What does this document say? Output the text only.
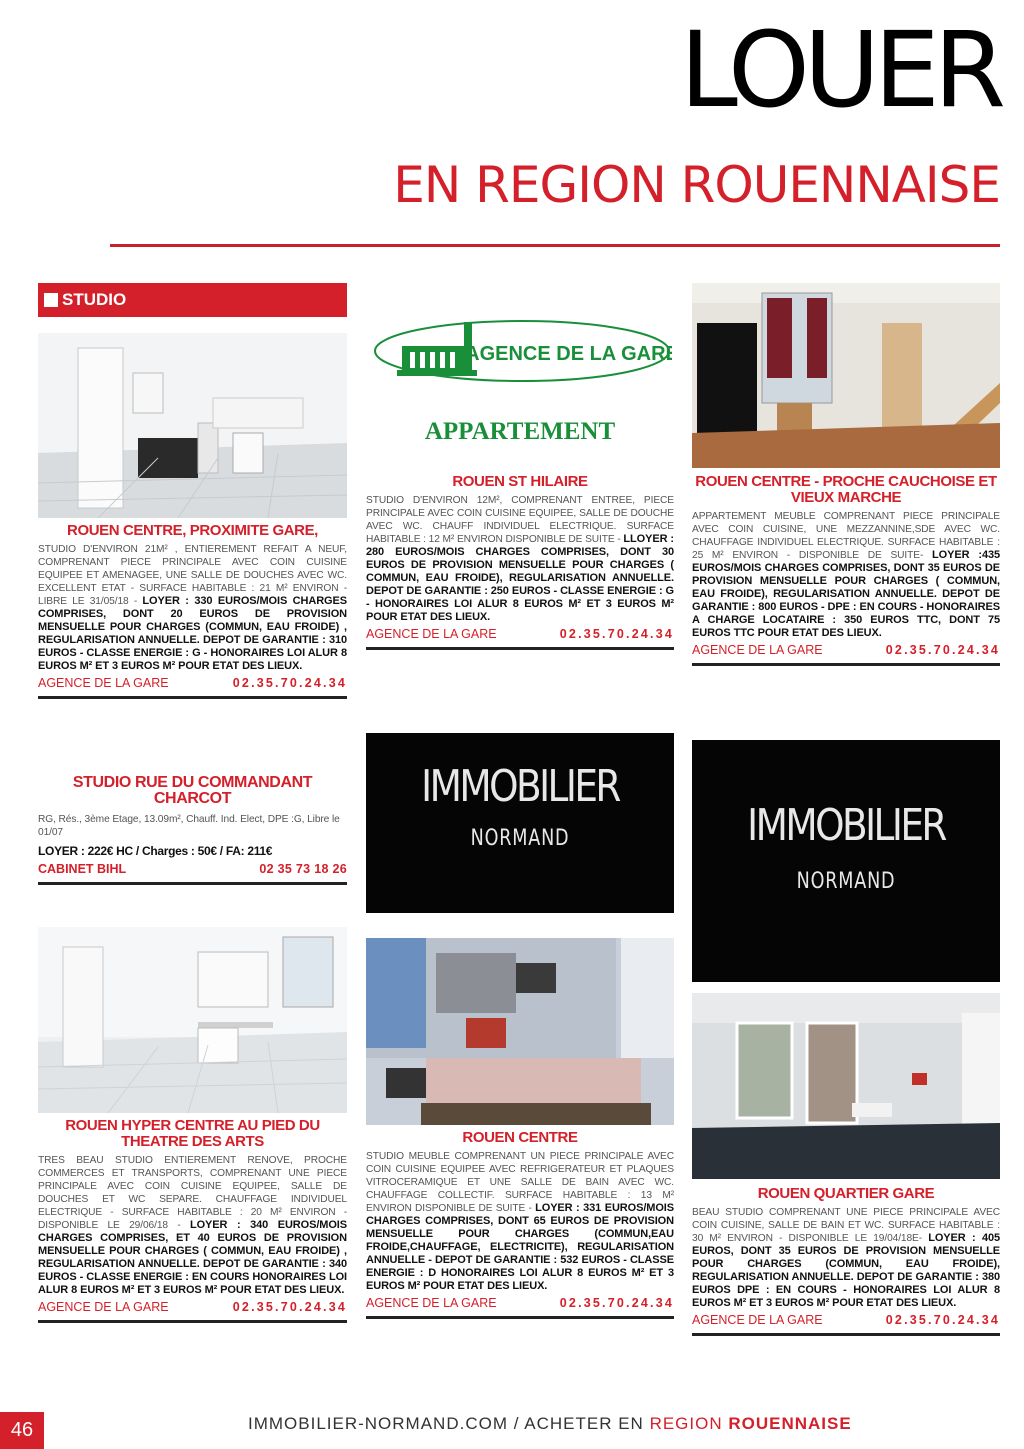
LOUER
EN REGION ROUENNAISE
STUDIO
ROUEN CENTRE, PROXIMITE GARE,
STUDIO D'ENVIRON 21M² , ENTIEREMENT REFAIT A NEUF, COMPRENANT PIECE PRINCIPALE AVEC COIN CUISINE EQUIPEE ET AMENAGEE, UNE SALLE DE DOUCHES AVEC WC. EXCELLENT ETAT - SURFACE HABITABLE : 21 M² ENVIRON - LIBRE LE 31/05/18 - LOYER : 330 EUROS/MOIS CHARGES COMPRISES, DONT 20 EUROS DE PROVISION MENSUELLE POUR CHARGES (COMMUN, EAU FROIDE) , REGULARISATION ANNUELLE. DEPOT DE GARANTIE : 310 EUROS - CLASSE ENERGIE : G - HONORAIRES LOI ALUR 8 EUROS M² ET 3 EUROS M² POUR ETAT DES LIEUX.
AGENCE DE LA GARE	02.35.70.24.34
STUDIO RUE DU COMMANDANT CHARCOT
RG, Rés., 3ème Etage, 13.09m², Chauff. Ind. Elect, DPE :G, Libre le 01/07
LOYER : 222€ HC / Charges : 50€ / FA: 211€
CABINET BIHL	02 35 73 18 26
ROUEN HYPER CENTRE AU PIED DU THEATRE DES ARTS
TRES BEAU STUDIO ENTIEREMENT RENOVE, PROCHE COMMERCES ET TRANSPORTS, COMPRENANT UNE PIECE PRINCIPALE AVEC COIN CUISINE EQUIPEE, SALLE DE DOUCHES ET WC SEPARE. CHAUFFAGE INDIVIDUEL ELECTRIQUE - SURFACE HABITABLE : 20 M² ENVIRON - DISPONIBLE LE 29/06/18 - LOYER : 340 EUROS/MOIS CHARGES COMPRISES, ET 40 EUROS DE PROVISION MENSUELLE POUR CHARGES ( COMMUN, EAU FROIDE) , REGULARISATION ANNUELLE. DEPOT DE GARANTIE : 340 EUROS - CLASSE ENERGIE : EN COURS HONORAIRES LOI ALUR 8 EUROS M² ET 3 EUROS M² POUR ETAT DES LIEUX.
AGENCE DE LA GARE	02.35.70.24.34
AGENCE DE LA GARE
APPARTEMENT
ROUEN ST HILAIRE
STUDIO D'ENVIRON 12M², COMPRENANT ENTREE, PIECE PRINCIPALE AVEC COIN CUISINE EQUIPEE, SALLE DE DOUCHE AVEC WC. CHAUFF INDIVIDUEL ELECTRIQUE. SURFACE HABITABLE : 12 M² ENVIRON DISPONIBLE DE SUITE - LLOYER : 280 EUROS/MOIS CHARGES COMPRISES, DONT 30 EUROS DE PROVISION MENSUELLE POUR CHARGES ( COMMUN, EAU FROIDE), REGULARISATION ANNUELLE. DEPOT DE GARANTIE : 250 EUROS - CLASSE ENERGIE : G - HONORAIRES LOI ALUR 8 EUROS M² ET 3 EUROS M² POUR ETAT DES LIEUX.
AGENCE DE LA GARE	02.35.70.24.34
IMMOBILIER
NORMAND
ROUEN CENTRE
STUDIO MEUBLE COMPRENANT UN PIECE PRINCIPALE AVEC COIN CUISINE EQUIPEE AVEC REFRIGERATEUR ET PLAQUES VITROCERAMIQUE ET UNE SALLE DE BAIN AVEC WC. CHAUFFAGE COLLECTIF. SURFACE HABITABLE : 13 M² ENVIRON DISPONIBLE DE SUITE - LOYER : 331 EUROS/MOIS CHARGES COMPRISES, DONT 65 EUROS DE PROVISION MENSUELLE POUR CHARGES (COMMUN,EAU FROIDE,CHAUFFAGE, ELECTRICITE), REGULARISATION ANNUELLE - DEPOT DE GARANTIE : 532 EUROS - CLASSE ENERGIE : D HONORAIRES LOI ALUR 8 EUROS M² ET 3 EUROS M² POUR ETAT DES LIEUX.
AGENCE DE LA GARE	02.35.70.24.34
ROUEN CENTRE - PROCHE CAUCHOISE ET VIEUX MARCHE
APPARTEMENT MEUBLE COMPRENANT PIECE PRINCIPALE AVEC COIN CUISINE, UNE MEZZANNINE,SDE AVEC WC. CHAUFFAGE INDIVIDUEL ELECTRIQUE. SURFACE HABITABLE : 25 M² ENVIRON - DISPONIBLE DE SUITE- LOYER :435 EUROS/MOIS CHARGES COMPRISES, DONT 35 EUROS DE PROVISION MENSUELLE POUR CHARGES ( COMMUN, EAU FROIDE), REGULARISATION ANNUELLE. DEPOT DE GARANTIE : 800 EUROS - DPE : EN COURS - HONORAIRES A CHARGE LOCATAIRE : 350 EUROS TTC, DONT 75 EUROS TTC POUR ETAT DES LIEUX.
AGENCE DE LA GARE	02.35.70.24.34
IMMOBILIER
NORMAND
ROUEN QUARTIER GARE
BEAU STUDIO COMPRENANT UNE PIECE PRINCIPALE AVEC COIN CUISINE, SALLE DE BAIN ET WC. SURFACE HABITABLE : 30 M² ENVIRON - DISPONIBLE LE 19/04/18E- LOYER : 405 EUROS, DONT 35 EUROS DE PROVISION MENSUELLE POUR CHARGES (COMMUN, EAU FROIDE), REGULARISATION ANNUELLE. DEPOT DE GARANTIE : 380 EUROS DPE : EN COURS - HONORAIRES LOI ALUR 8 EUROS M² ET 3 EUROS M² POUR ETAT DES LIEUX.
AGENCE DE LA GARE	02.35.70.24.34
46	IMMOBILIER-NORMAND.COM / ACHETER EN REGION ROUENNAISE
